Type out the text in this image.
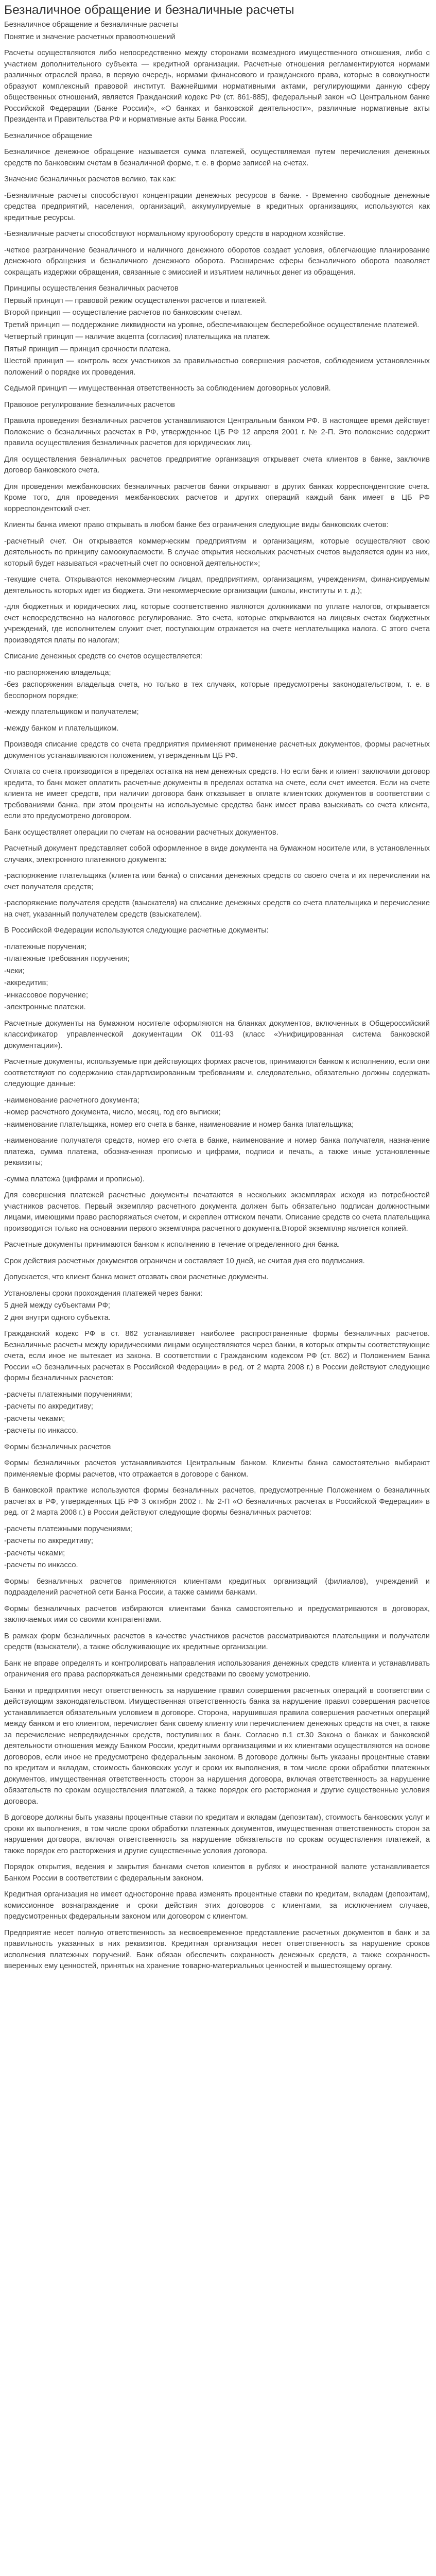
Безналичное обращение и безналичные расчеты

Безналичное обращение и безналичные расчеты

Понятие и значение расчетных правоотношений

Расчеты осуществляются либо непосредственно между сторонами возмездного имущественного отношения, либо с участием дополнительного субъекта — кредитной организации. Расчетные отношения регламентируются нормами различных отраслей права, в первую очередь, нормами финансового и гражданского права, которые в совокупности образуют комплексный правовой институт. Важнейшими нормативными актами, регулирующими данную сферу общественных отношений, является Гражданский кодекс РФ (ст. 861-885), федеральный закон «О Центральном банке Российской Федерации (Банке России)», «О банках и банковской деятельности», различные нормативные акты Президента и Правительства РФ и нормативные акты Банка России.

Безналичное обращение

Безналичное денежное обращение называется сумма платежей, осуществляемая путем перечисления денежных средств по банковским счетам в безналичной форме, т. е. в форме записей на счетах.

Значение безналичных расчетов велико, так как:

-Безналичные расчеты способствуют концентрации денежных ресурсов в банке. - Временно свободные денежные средства предприятий, населения, организаций, аккумулируемые в кредитных организациях, используются как кредитные ресурсы.

-Безналичные расчеты способствуют нормальному кругообороту средств в народном хозяйстве.

-четкое разграничение безналичного и наличного денежного оборотов создает условия, облегчающие планирование денежного обращения и безналичного денежного оборота. Расширение сферы безналичного оборота позволяет сокращать издержки обращения, связанные с эмиссией и изъятием наличных денег из обращения.

Принципы осуществления безналичных расчетов

Первый принцип — правовой режим осуществления расчетов и платежей.

Второй принцип — осуществление расчетов по банковским счетам.

Третий принцип — поддержание ликвидности на уровне, обеспечивающем бесперебойное осуществление платежей.

Четвертый принцип — наличие акцепта (согласия) плательщика на платеж.

Пятый принцип — принцип срочности платежа.

Шестой принцип — контроль всех участников за правильностью совершения расчетов, соблюдением установленных положений о порядке их проведения.

Седьмой принцип — имущественная ответственность за соблюдением договорных условий.

Правовое регулирование безналичных расчетов

Правила проведения безналичных расчетов устанавливаются Центральным банком РФ. В настоящее время действует Положение о безналичных расчетах в РФ, утвержденное ЦБ РФ 12 апреля 2001 г. № 2-П. Это положение содержит правила осуществления безналичных расчетов для юридических лиц.

Для осуществления безналичных расчетов предприятие организация открывает счета клиентов в банке, заключив договор банковского счета.

Для проведения межбанковских безналичных расчетов банки открывают в других банках корреспондентские счета. Кроме того, для проведения межбанковских расчетов и других операций каждый банк имеет в ЦБ РФ корреспондентский счет.

Клиенты банка имеют право открывать в любом банке без ограничения следующие виды банковских счетов:

-расчетный счет. Он открывается коммерческим предприятиям и организациям, которые осуществляют свою деятельность по принципу самоокупаемости. В случае открытия нескольких расчетных счетов выделяется один из них, который будет называться «расчетный счет по основной деятельности»;

-текущие счета. Открываются некоммерческим лицам, предприятиям, организациям, учреждениям, финансируемым деятельность которых идет из бюджета. Эти некоммерческие организации (школы, институты и т. д.);

-для бюджетных и юридических лиц, которые соответственно являются должниками по уплате налогов, открывается счет непосредственно на налоговое регулирование. Это счета, которые открываются на лицевых счетах бюджетных учреждений, где исполнителем служит счет, поступающим отражается на счете неплательщика налога. С этого счета производятся платы по налогам;

Списание денежных средств со счетов осуществляется:

-по распоряжению владельца;

-без распоряжения владельца счета, но только в тех случаях, которые предусмотрены законодательством, т. е. в бесспорном порядке;

-между плательщиком и получателем;

-между банком и плательщиком.

Производя списание средств со счета предприятия применяют применение расчетных документов, формы расчетных документов устанавливаются положением, утвержденным ЦБ РФ.

Оплата со счета производится в пределах остатка на нем денежных средств. Но если банк и клиент заключили договор кредита, то банк может оплатить расчетные документы в пределах остатка на счете, если счет имеется. Если на счете клиента не имеет средств, при наличии договора банк отказывает в оплате клиентских документов в соответствии с требованиями банка, при этом проценты на используемые средства банк имеет права взыскивать со счета клиента, если это предусмотрено договором.

Банк осуществляет операции по счетам на основании расчетных документов.

Расчетный документ представляет собой оформленное в виде документа на бумажном носителе или, в установленных случаях, электронного платежного документа:

-распоряжение плательщика (клиента или банка) о списании денежных средств со своего счета и их перечислении на счет получателя средств;

-распоряжение получателя средств (взыскателя) на списание денежных средств со счета плательщика и перечисление на счет, указанный получателем средств (взыскателем).

В Российской Федерации используются следующие расчетные документы:

-платежные поручения;

-платежные требования поручения;

-чеки;

-аккредитив;

-инкассовое поручение;

-электронные платежи.

Расчетные документы на бумажном носителе оформляются на бланках документов, включенных в Общероссийский классификатор управленческой документации ОК 011-93 (класс «Унифицированная система банковской документации»).

Расчетные документы, используемые при действующих формах расчетов, принимаются банком к исполнению, если они соответствуют по содержанию стандартизированным требованиям и, следовательно, обязательно должны содержать следующие данные:

-наименование расчетного документа;

-номер расчетного документа, число, месяц, год его выписки;

-наименование плательщика, номер его счета в банке, наименование и номер банка плательщика;

-наименование получателя средств, номер его счета в банке, наименование и номер банка получателя, назначение платежа, сумма платежа, обозначенная прописью и цифрами, подписи и печать, а также иные установленные реквизиты;

-сумма платежа (цифрами и прописью).

Для совершения платежей расчетные документы печатаются в нескольких экземплярах исходя из потребностей участников расчетов. Первый экземпляр расчетного документа должен быть обязательно подписан должностными лицами, имеющими право распоряжаться счетом, и скреплен оттиском печати. Описание средств со счета плательщика производится только на основании первого экземпляра расчетного документа.Второй экземпляр является копией.

Расчетные документы принимаются банком к исполнению в течение определенного дня банка.

Срок действия расчетных документов ограничен и составляет 10 дней, не считая дня его подписания.

Допускается, что клиент банка может отозвать свои расчетные документы.

Установлены сроки прохождения платежей через банки:

5 дней между субъектами РФ;

2 дня внутри одного субъекта.

Гражданский кодекс РФ в ст. 862 устанавливает наиболее распространенные формы безналичных расчетов. Безналичные расчеты между юридическими лицами осуществляются через банки, в которых открыты соответствующие счета, если иное не вытекает из закона. В соответствии с Гражданским кодексом РФ (ст. 862) и Положением Банка России «О безналичных расчетах в Российской Федерации» в ред. от 2 марта 2008 г.) в России действуют следующие формы безналичных расчетов:

-расчеты платежными поручениями;

-расчеты по аккредитиву;

-расчеты чеками;

-расчеты по инкассо.

Формы безналичных расчетов

Формы безналичных расчетов устанавливаются Центральным банком. Клиенты банка самостоятельно выбирают применяемые формы расчетов, что отражается в договоре с банком.

В банковской практике используются формы безналичных расчетов, предусмотренные Положением о безналичных расчетах в РФ, утвержденных ЦБ РФ 3 октября 2002 г. № 2-П «О безналичных расчетах в Российской Федерации» в ред. от 2 марта 2008 г.) в России действуют следующие формы безналичных расчетов:

-расчеты платежными поручениями;

-расчеты по аккредитиву;

-расчеты чеками;

-расчеты по инкассо.

Формы безналичных расчетов применяются клиентами кредитных организаций (филиалов), учреждений и подразделений расчетной сети Банка России, а также самими банками.

Формы безналичных расчетов избираются клиентами банка самостоятельно и предусматриваются в договорах, заключаемых ими со своими контрагентами.

В рамках форм безналичных расчетов в качестве участников расчетов рассматриваются плательщики и получатели средств (взыскатели), а также обслуживающие их кредитные организации.

Банк не вправе определять и контролировать направления использования денежных средств клиента и устанавливать ограничения его права распоряжаться денежными средствами по своему усмотрению.

Банки и предприятия несут ответственность за нарушение правил совершения расчетных операций в соответствии с действующим законодательством. Имущественная ответственность банка за нарушение правил совершения расчетов устанавливается обязательным условием в договоре. Сторона, нарушившая правила совершения расчетных операций между банком и его клиентом, перечисляет банк своему клиенту или перечислением денежных средств на счет, а также за перечисление непредвиденных средств, поступивших в банк. Согласно п.1 ст.30 Закона о банках и банковской деятельности отношения между Банком России, кредитными организациями и их клиентами осуществляются на основе договоров, если иное не предусмотрено федеральным законом. В договоре должны быть указаны процентные ставки по кредитам и вкладам, стоимость банковских услуг и сроки их выполнения, в том числе сроки обработки платежных документов, имущественная ответственность сторон за нарушения договора, включая ответственность за нарушение обязательств по срокам осуществления платежей, а также порядок его расторжения и другие существенные условия договора.

В договоре должны быть указаны процентные ставки по кредитам и вкладам (депозитам), стоимость банковских услуг и сроки их выполнения, в том числе сроки обработки платежных документов, имущественная ответственность сторон за нарушения договора, включая ответственность за нарушение обязательств по срокам осуществления платежей, а также порядок его расторжения и другие существенные условия договора.

Порядок открытия, ведения и закрытия банками счетов клиентов в рублях и иностранной валюте устанавливается Банком России в соответствии с федеральным законом.

Кредитная организация не имеет односторонне права изменять процентные ставки по кредитам, вкладам (депозитам), комиссионное вознаграждение и сроки действия этих договоров с клиентами, за исключением случаев, предусмотренных федеральным законом или договором с клиентом.

Предприятие несет полную ответственность за несвоевременное представление расчетных документов в банк и за правильность указанных в них реквизитов. Кредитная организация несет ответственность за нарушение сроков исполнения платежных поручений. Банк обязан обеспечить сохранность денежных средств, а также сохранность вверенных ему ценностей, принятых на хранение товарно-материальных ценностей и вышестоящему органу.
